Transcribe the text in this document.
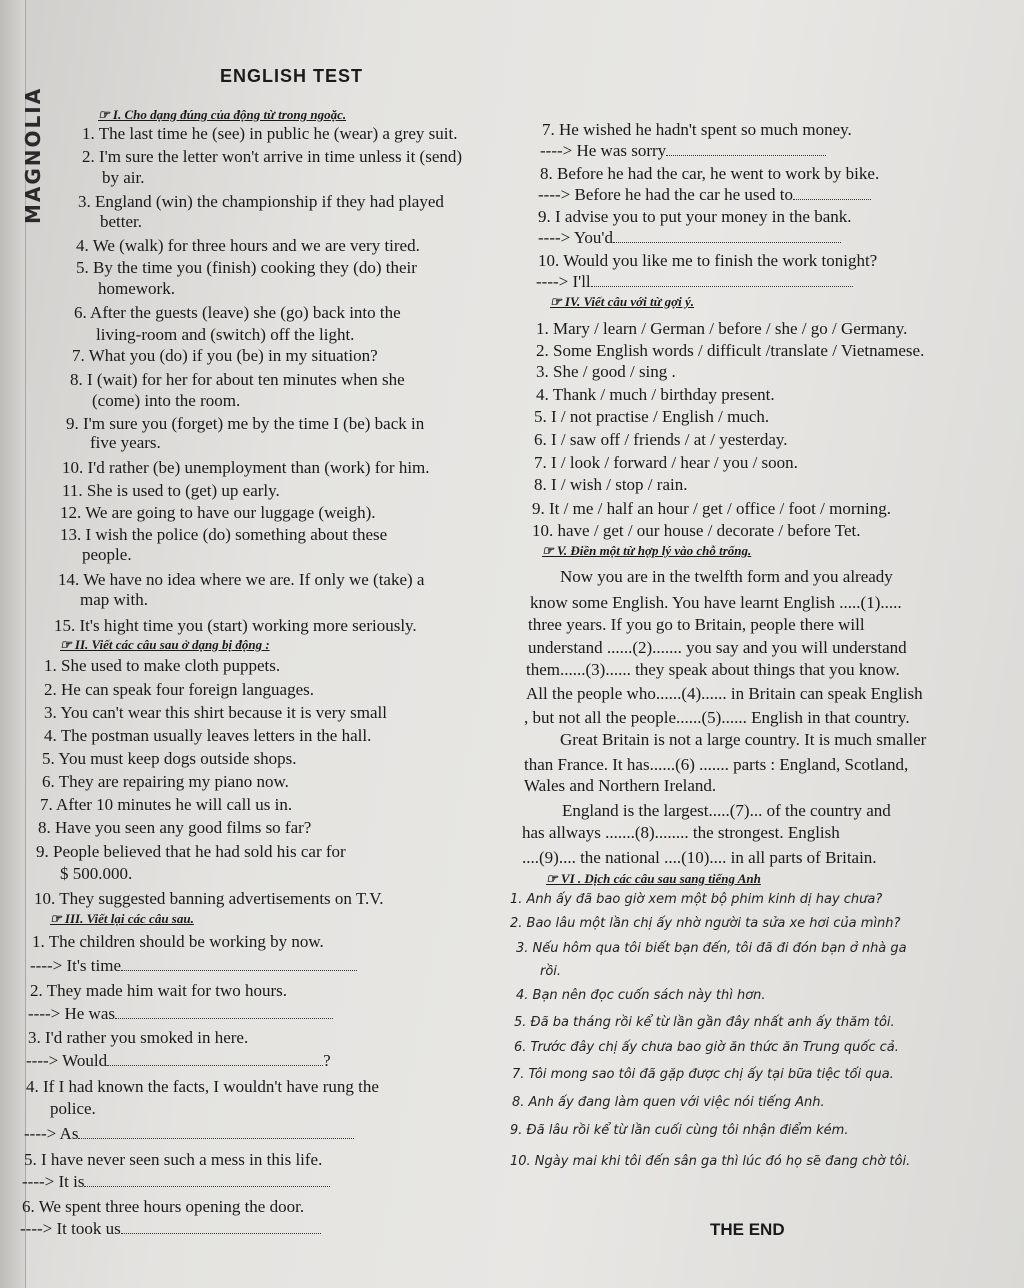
MAGNOLIA
ENGLISH TEST
☞ I. Cho dạng đúng của động từ trong ngoặc.
1. The last time he (see) in public he (wear) a grey suit.
2. I'm sure the letter won't arrive in time unless it (send)
by air.
3. England (win) the championship if they had played
better.
4. We (walk) for three hours and we are very tired.
5. By the time you (finish) cooking they (do) their
homework.
6. After the guests (leave) she (go) back into the
living-room and (switch) off the light.
7. What you (do) if you (be) in my situation?
8. I (wait) for her for about ten minutes when she
(come) into the room.
9. I'm sure you (forget) me by the time I (be) back in
five years.
10. I'd rather (be) unemployment than (work) for him.
11. She is used to (get) up early.
12. We are going to have our luggage (weigh).
13. I wish the police (do) something about these
people.
14. We have no idea where we are. If only we (take) a
map with.
15. It's hight time you (start) working more seriously.
☞ II. Viết các câu sau ở dạng bị động :
1. She used to make cloth puppets.
2. He can speak four foreign languages.
3. You can't wear this shirt because it is very small
4. The postman usually leaves letters in the hall.
5. You must keep dogs outside shops.
6. They are repairing my piano now.
7. After 10 minutes he will call us in.
8. Have you seen any good films so far?
9. People believed that he had sold his car for
$ 500.000.
10. They suggested banning advertisements on T.V.
☞ III. Viết lại các câu sau.
1. The children should be working by now.
----> It's time
2. They made him wait for two hours.
----> He was
3. I'd rather you smoked in here.
----> Would	?
4. If I had known the facts, I wouldn't have rung the
police.
----> As
5. I have never seen such a mess in this life.
----> It is
6. We spent three hours opening the door.
----> It took us
7. He wished he hadn't spent so much money.
----> He was sorry
8. Before he had the car, he went to work by bike.
----> Before he had the car he used to
9. I advise you to put your money in the bank.
----> You'd
10. Would you like me to finish the work tonight?
----> I'll
☞ IV. Viết câu với từ gợi ý.
1. Mary / learn / German / before / she / go / Germany.
2. Some English words / difficult /translate / Vietnamese.
3. She / good / sing .
4. Thank / much / birthday present.
5. I / not practise / English / much.
6. I / saw off / friends / at / yesterday.
7. I / look / forward / hear / you / soon.
8. I / wish / stop / rain.
9. It / me / half an hour / get / office / foot / morning.
10. have / get / our house / decorate / before Tet.
☞ V. Điền một từ hợp lý vào chỗ trống.
Now you are in the twelfth form and you already
know some English. You have learnt English .....(1).....
three years. If you go to Britain, people there will
understand ......(2)....... you say and you will understand
them......(3)...... they speak about things that you know.
All the people who......(4)...... in Britain can speak English
, but not all the people......(5)...... English in that country.
Great Britain is not a large country. It is much smaller
than France. It has......(6) ....... parts : England, Scotland,
Wales and Northern Ireland.
England is the largest.....(7)... of the country and
has allways .......(8)........ the strongest. English
....(9).... the national ....(10).... in all parts of Britain.
☞ VI . Dịch các câu sau sang tiếng Anh
1. Anh ấy đã bao giờ xem một bộ phim kinh dị hay chưa?
2. Bao lâu một lần chị ấy nhờ người ta sửa xe hơi của mình?
3. Nếu hôm qua tôi biết bạn đến, tôi đã đi đón bạn ở nhà ga
rồi.
4. Bạn nên đọc cuốn sách này thì hơn.
5. Đã ba tháng rồi kể từ lần gần đây nhất anh ấy thăm tôi.
6. Trước đây chị ấy chưa bao giờ ăn thức ăn Trung quốc cả.
7. Tôi mong sao tôi đã gặp được chị ấy tại bữa tiệc tối qua.
8. Anh ấy đang làm quen với việc nói tiếng Anh.
9. Đã lâu rồi kể từ lần cuối cùng tôi nhận điểm kém.
10. Ngày mai khi tôi đến sân ga thì lúc đó họ sẽ đang chờ tôi.
THE END
